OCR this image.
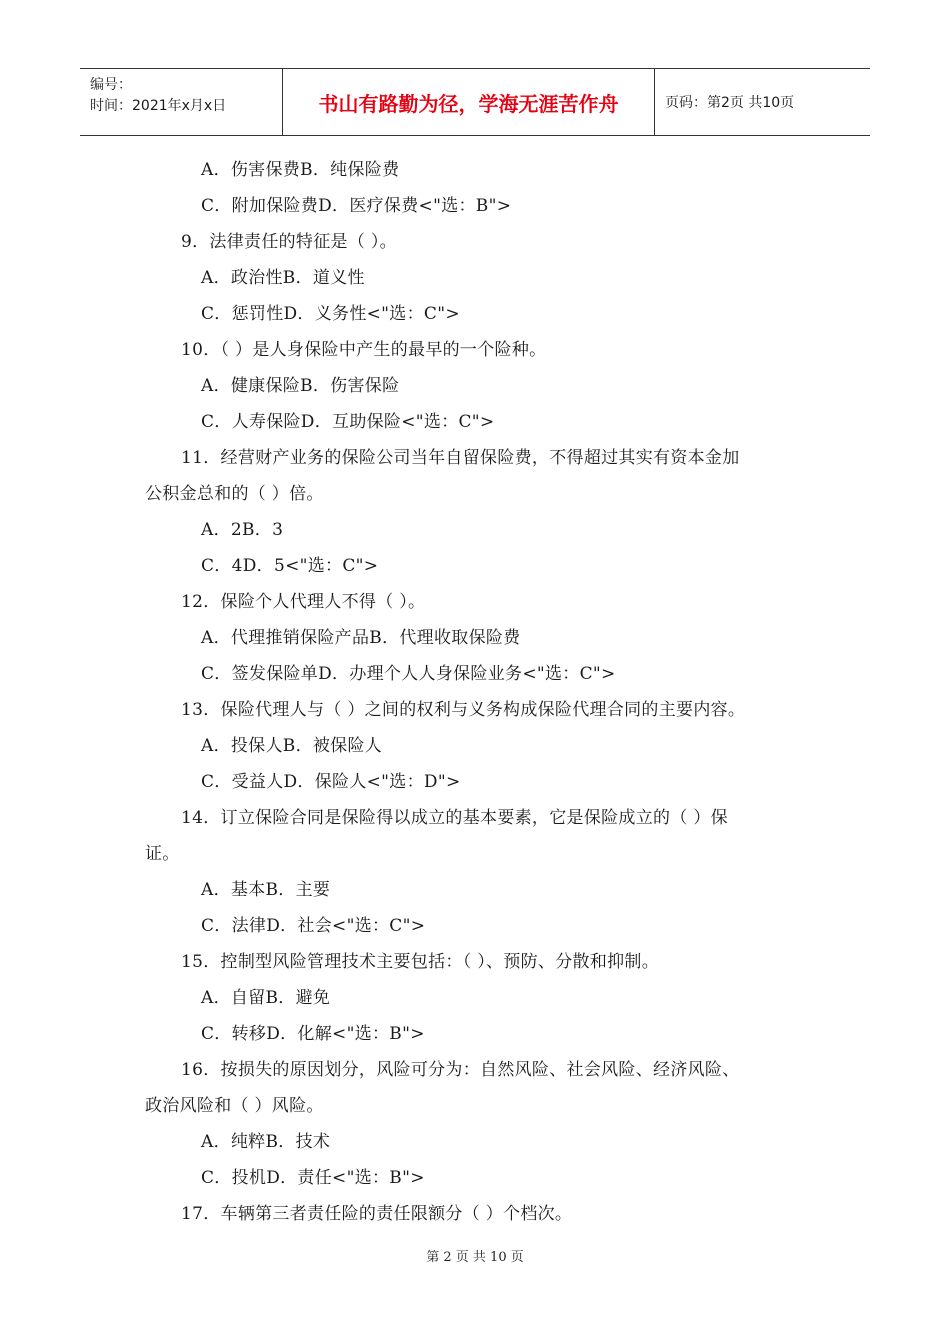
编号：
时间：2021年x月x日	书山有路勤为径，学海无涯苦作舟	页码：第2页 共10页
A．伤害保费B．纯保险费
C．附加保险费D．医疗保费<"选：B">
9．法律责任的特征是（ ）。
A．政治性B．道义性
C．惩罚性D．义务性<"选：C">
10．（ ）是人身保险中产生的最早的一个险种。
A．健康保险B．伤害保险
C．人寿保险D．互助保险<"选：C">
11．经营财产业务的保险公司当年自留保险费，不得超过其实有资本金加
公积金总和的（ ）倍。
A．2B．3
C．4D．5<"选：C">
12．保险个人代理人不得（ ）。
A．代理推销保险产品B．代理收取保险费
C．签发保险单D．办理个人人身保险业务<"选：C">
13．保险代理人与（ ）之间的权利与义务构成保险代理合同的主要内容。
A．投保人B．被保险人
C．受益人D．保险人<"选：D">
14．订立保险合同是保险得以成立的基本要素，它是保险成立的（ ）保
证。
A．基本B．主要
C．法律D．社会<"选：C">
15．控制型风险管理技术主要包括：（ ）、预防、分散和抑制。
A．自留B．避免
C．转移D．化解<"选：B">
16．按损失的原因划分，风险可分为：自然风险、社会风险、经济风险、
政治风险和（ ）风险。
A．纯粹B．技术
C．投机D．责任<"选：B">
17．车辆第三者责任险的责任限额分（ ）个档次。
第 2 页 共 10 页
